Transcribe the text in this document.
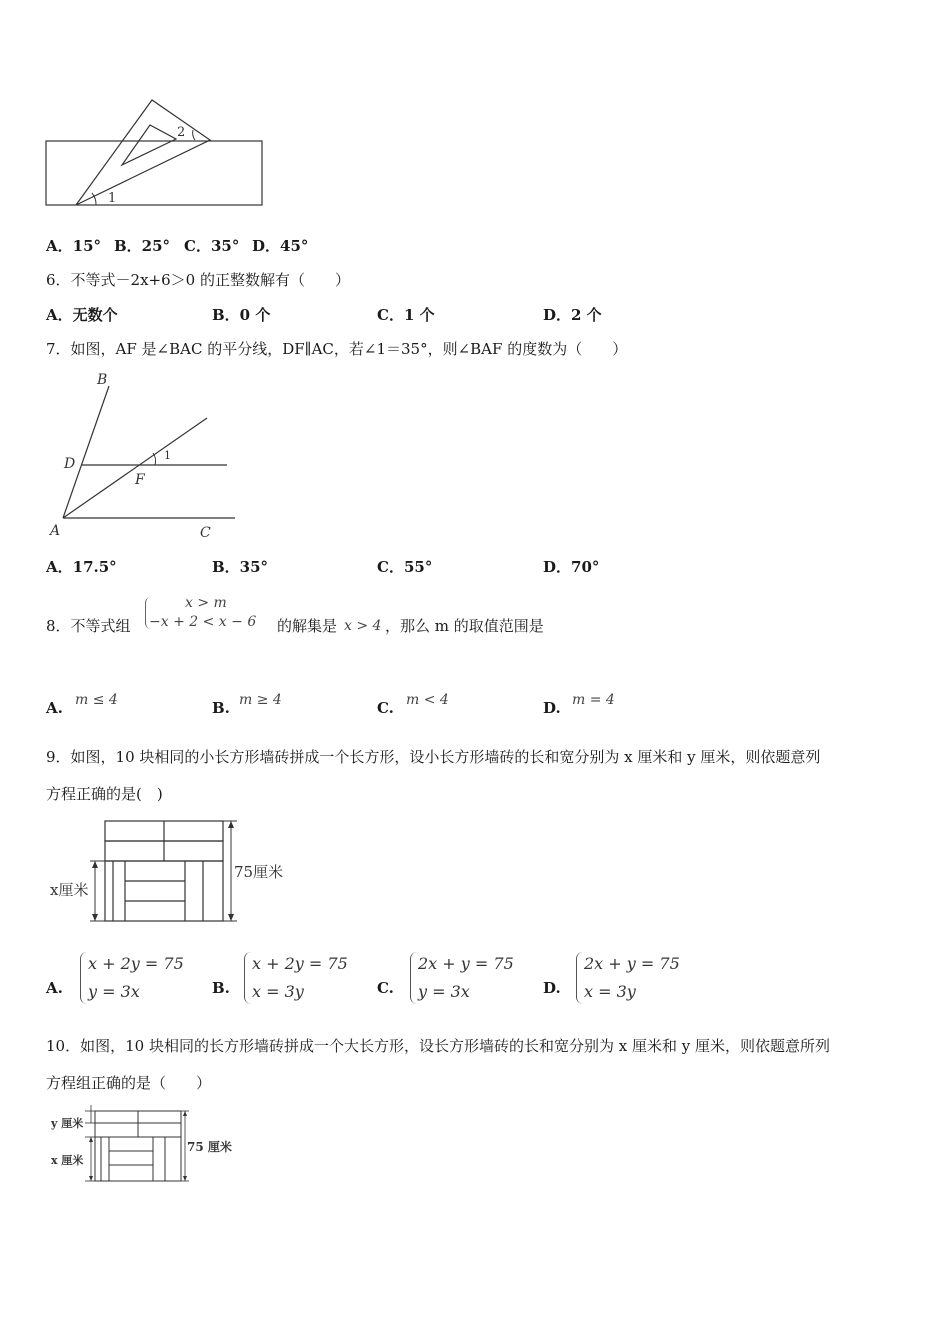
1
2
A．15° B．25° C．35° D．45°
6．不等式－2x+6＞0 的正整数解有（　　）
A．无数个	B．0 个	C．1 个	D．2 个
7．如图，AF 是∠BAC 的平分线，DF∥AC，若∠1＝35°，则∠BAF 的度数为（　　）
B
D
F
A	C
1
A．17.5°	B．35°	C．55°	D．70°
8．不等式组
x > m
−x + 2 < x − 6 的解集是 x > 4 ，那么 m 的取值范围是
A. m ≤ 4	B. m ≥ 4	C. m < 4	D. m = 4
9．如图，10 块相同的小长方形墙砖拼成一个长方形，设小长方形墙砖的长和宽分别为 x 厘米和 y 厘米，则依题意列
方程正确的是(　)
x厘米
75厘米
A.
x + 2y = 75
y = 3x	B.
x + 2y = 75
x = 3y	C.
2x + y = 75
y = 3x	D.
2x + y = 75
x = 3y
10．如图，10 块相同的长方形墙砖拼成一个大长方形，设长方形墙砖的长和宽分别为 x 厘米和 y 厘米，则依题意所列
方程组正确的是（　　）
y 厘米
x 厘米
75 厘米
